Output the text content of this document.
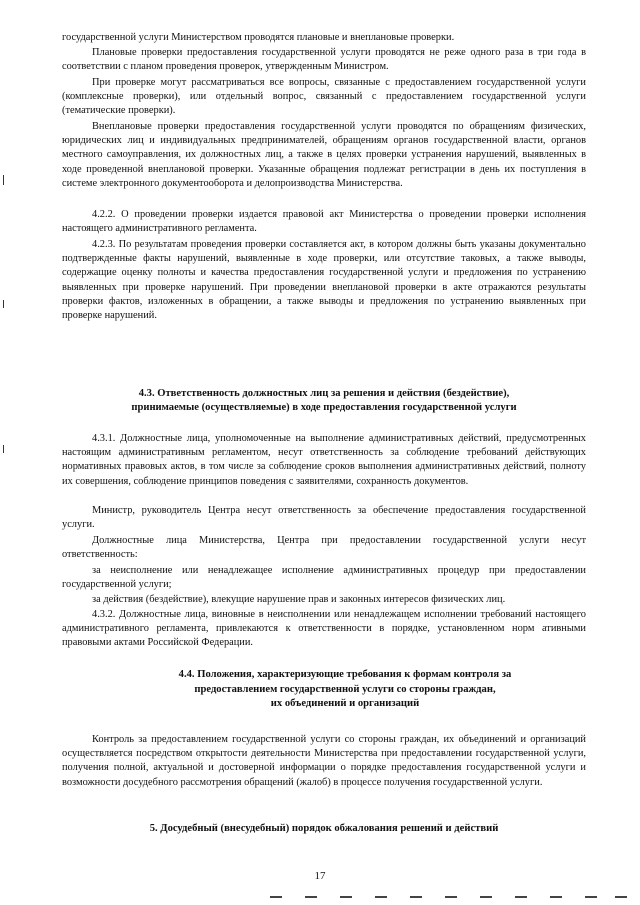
государственной услуги Министерством проводятся плановые и внеплановые проверки.

Плановые проверки предоставления государственной услуги проводятся не реже одного раза в три года в соответствии с планом проведения проверок, утвержденным Министром.

При проверке могут рассматриваться все вопросы, связанные с предоставлением государственной услуги (комплексные проверки), или отдельный вопрос, связанный с предоставлением государственной услуги (тематические проверки).

Внеплановые проверки предоставления государственной услуги проводятся по обращениям физических, юридических лиц и индивидуальных предпринимателей, обращениям органов государственной власти, органов местного самоуправления, их должностных лиц, а также в целях проверки устранения нарушений, выявленных в ходе проведенной внеплановой проверки. Указанные обращения подлежат регистрации в день их поступления в системе электронного документооборота и делопроизводства Министерства.

4.2.2. О проведении проверки издается правовой акт Министерства о проведении проверки исполнения настоящего административного регламента.

4.2.3. По результатам проведения проверки составляется акт, в котором должны быть указаны документально подтвержденные факты нарушений, выявленные в ходе проверки, или отсутствие таковых, а также выводы, содержащие оценку полноты и качества предоставления государственной услуги и предложения по устранению выявленных при проверке нарушений. При проведении внеплановой проверки в акте отражаются результаты проверки фактов, изложенных в обращении, а также выводы и предложения по устранению выявленных при проверке нарушений.

4.3. Ответственность должностных лиц за решения и действия (бездействие),

принимаемые (осуществляемые) в ходе предоставления государственной услуги

4.3.1. Должностные лица, уполномоченные на выполнение административных действий, предусмотренных настоящим административным регламентом, несут ответственность за соблюдение требований действующих нормативных правовых актов, в том числе за соблюдение сроков выполнения административных действий, полноту их совершения, соблюдение принципов поведения с заявителями, сохранность документов.

Министр, руководитель Центра несут ответственность за обеспечение предоставления государственной услуги.

Должностные лица Министерства, Центра при предоставлении государственной услуги несут ответственность:

за неисполнение или ненадлежащее исполнение административных процедур при предоставлении государственной услуги;

за действия (бездействие), влекущие нарушение прав и законных интересов физических лиц.

4.3.2. Должностные лица, виновные в неисполнении или ненадлежащем исполнении требований настоящего административного регламента, привлекаются к ответственности в порядке, установленном норм ативными правовыми актами Российской Федерации.

4.4. Положения, характеризующие требования к формам контроля за

предоставлением государственной услуги со стороны граждан,

их объединений и организаций

Контроль за предоставлением государственной услуги со стороны граждан, их объединений и организаций осуществляется посредством открытости деятельности Министерства при предоставлении государственной услуги, получения полной, актуальной и достоверной информации о порядке предоставления государственной услуги и возможности досудебного рассмотрения обращений (жалоб) в процессе получения государственной услуги.

5. Досудебный (внесудебный) порядок обжалования решений и действий

17
